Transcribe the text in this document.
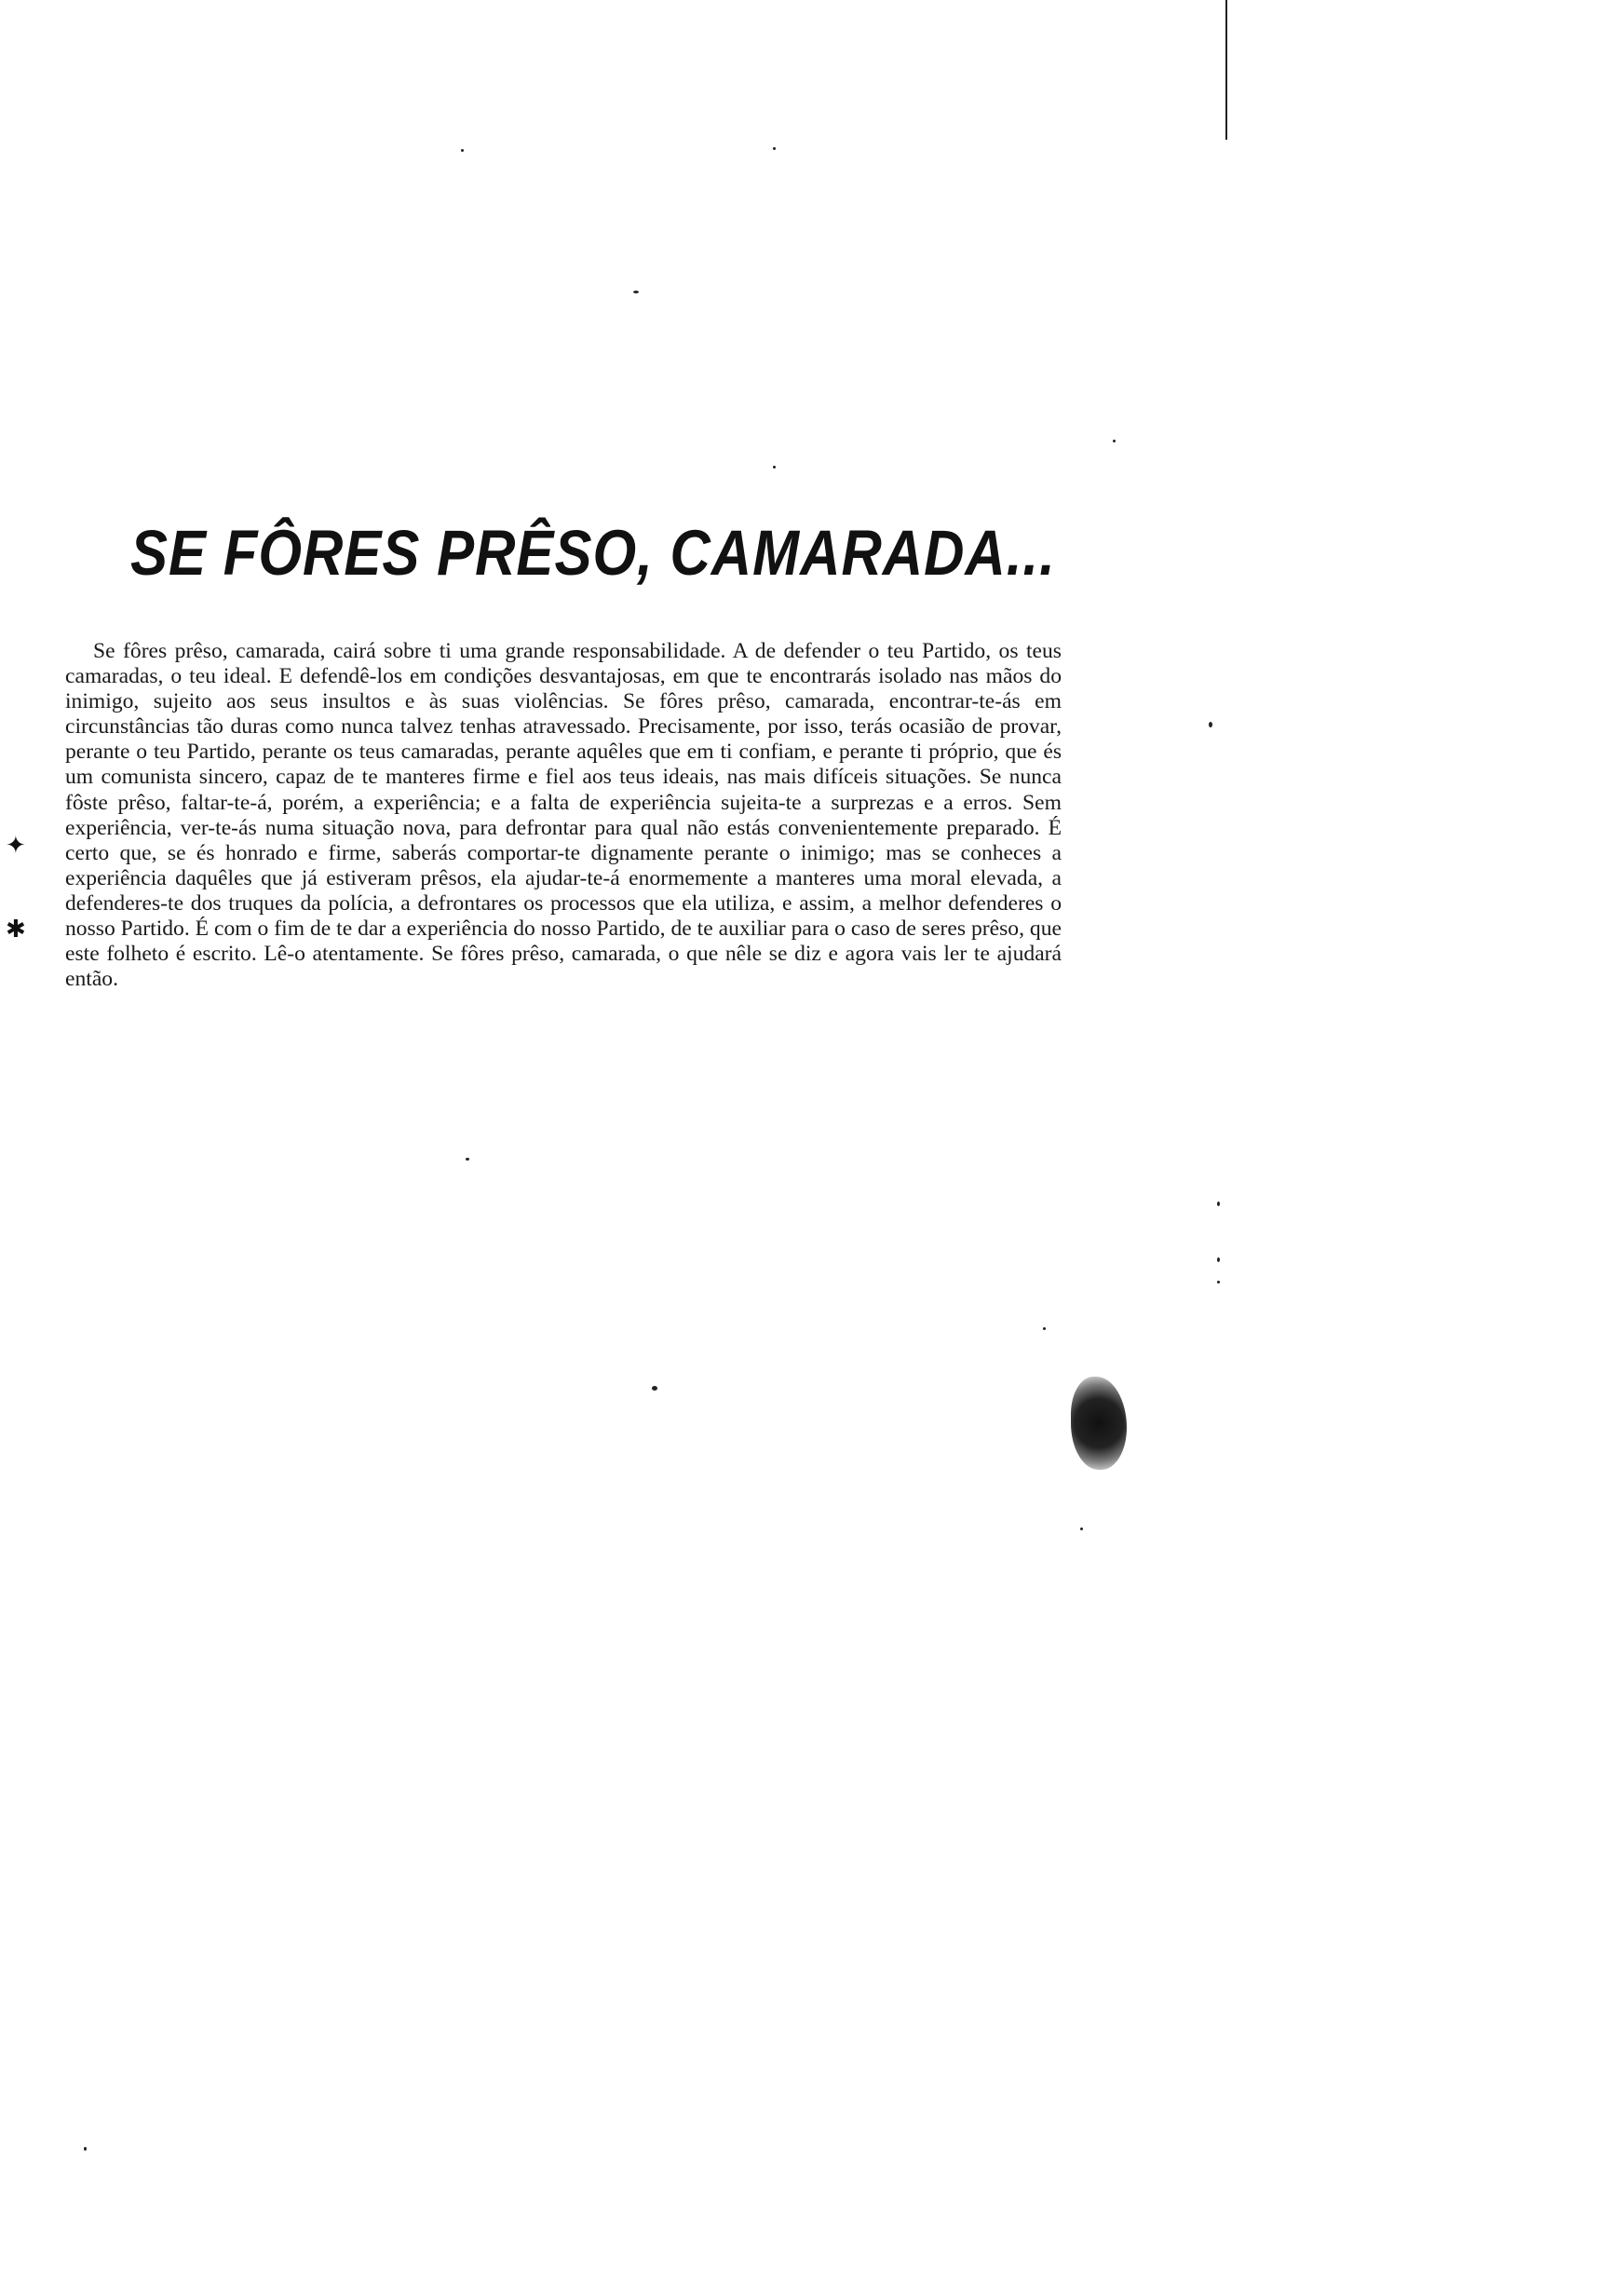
SE FÔRES PRÊSO, CAMARADA...

Se fôres prêso, camarada, cairá sobre ti uma grande responsabilidade. A de defender o teu Partido, os teus camaradas, o teu ideal. E defendê-los em condições desvantajosas, em que te encontrarás isolado nas mãos do inimigo, sujeito aos seus insultos e às suas violências. Se fôres prêso, camarada, encontrar-te-ás em circunstâncias tão duras como nunca talvez tenhas atravessado. Precisamente, por isso, terás ocasião de provar, perante o teu Partido, perante os teus camaradas, perante aquêles que em ti confiam, e perante ti próprio, que és um comunista sincero, capaz de te manteres firme e fiel aos teus ideais, nas mais difíceis situações. Se nunca fôste prêso, faltar-te-á, porém, a experiência; e a falta de experiência sujeita-te a surprezas e a erros. Sem experiência, ver-te-ás numa situação nova, para defrontar para qual não estás convenientemente preparado. É certo que, se és honrado e firme, saberás comportar-te dignamente perante o inimigo; mas se conheces a experiência daquêles que já estiveram prêsos, ela ajudar-te-á enormemente a manteres uma moral elevada, a defenderes-te dos truques da polícia, a defrontares os processos que ela utiliza, e assim, a melhor defenderes o nosso Partido. É com o fim de te dar a experiência do nosso Partido, de te auxiliar para o caso de seres prêso, que este folheto é escrito. Lê-o atentamente. Se fôres prêso, camarada, o que nêle se diz e agora vais ler te ajudará então.

✦
✱
